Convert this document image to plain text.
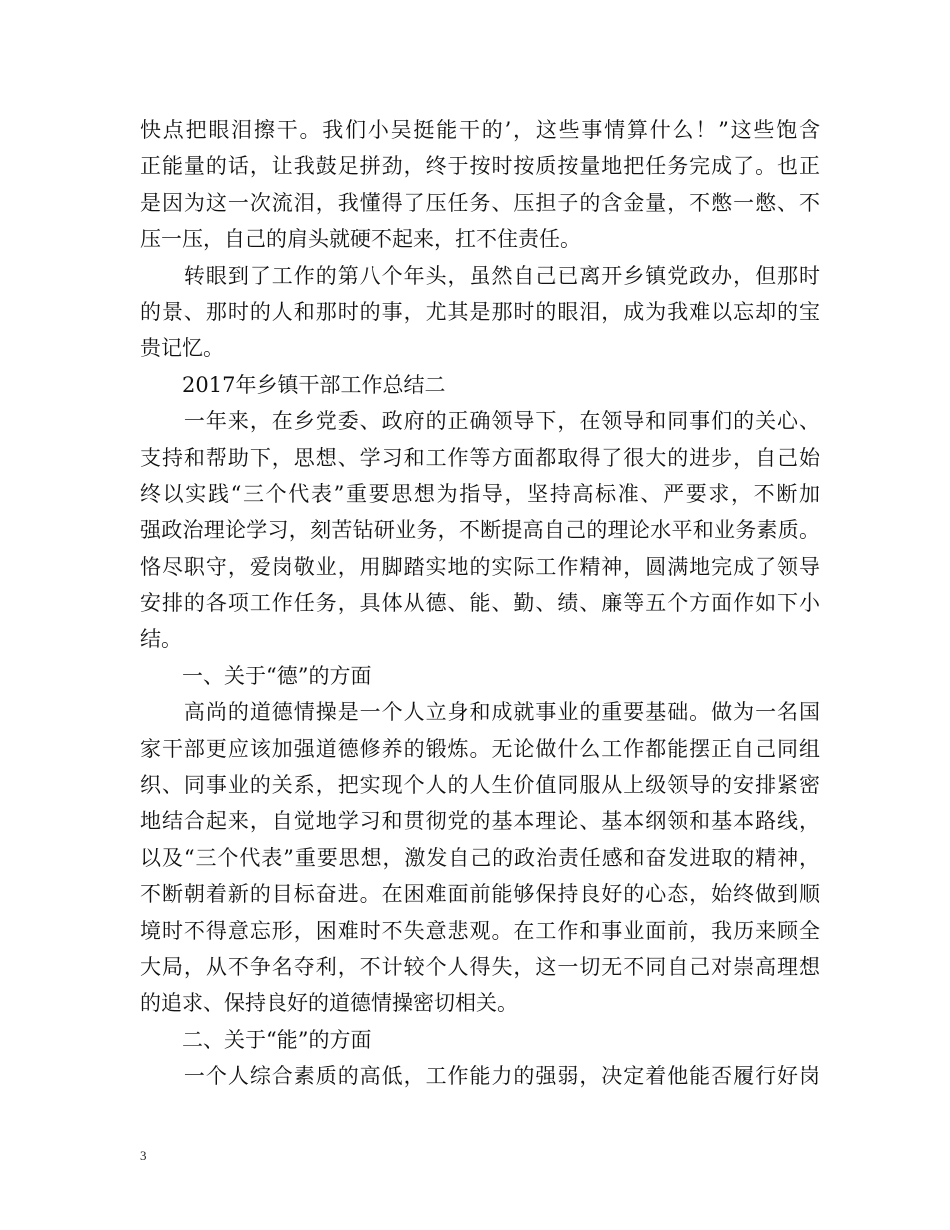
快点把眼泪擦干。我们小吴挺能干的’，这些事情算什么！”这些饱含
正能量的话，让我鼓足拼劲，终于按时按质按量地把任务完成了。也正
是因为这一次流泪，我懂得了压任务、压担子的含金量，不憋一憋、不
压一压，自己的肩头就硬不起来，扛不住责任。
　　转眼到了工作的第八个年头，虽然自己已离开乡镇党政办，但那时
的景、那时的人和那时的事，尤其是那时的眼泪，成为我难以忘却的宝
贵记忆。
　　2017年乡镇干部工作总结二
　　一年来，在乡党委、政府的正确领导下，在领导和同事们的关心、
支持和帮助下，思想、学习和工作等方面都取得了很大的进步，自己始
终以实践“三个代表”重要思想为指导，坚持高标准、严要求，不断加
强政治理论学习，刻苦钻研业务，不断提高自己的理论水平和业务素质。
恪尽职守，爱岗敬业，用脚踏实地的实际工作精神，圆满地完成了领导
安排的各项工作任务，具体从德、能、勤、绩、廉等五个方面作如下小
结。
　　一、关于“德”的方面
　　高尚的道德情操是一个人立身和成就事业的重要基础。做为一名国
家干部更应该加强道德修养的锻炼。无论做什么工作都能摆正自己同组
织、同事业的关系，把实现个人的人生价值同服从上级领导的安排紧密
地结合起来，自觉地学习和贯彻党的基本理论、基本纲领和基本路线，
以及“三个代表”重要思想，激发自己的政治责任感和奋发进取的精神，
不断朝着新的目标奋进。在困难面前能够保持良好的心态，始终做到顺
境时不得意忘形，困难时不失意悲观。在工作和事业面前，我历来顾全
大局，从不争名夺利，不计较个人得失，这一切无不同自己对崇高理想
的追求、保持良好的道德情操密切相关。
　　二、关于“能”的方面
　　一个人综合素质的高低，工作能力的强弱，决定着他能否履行好岗
3
